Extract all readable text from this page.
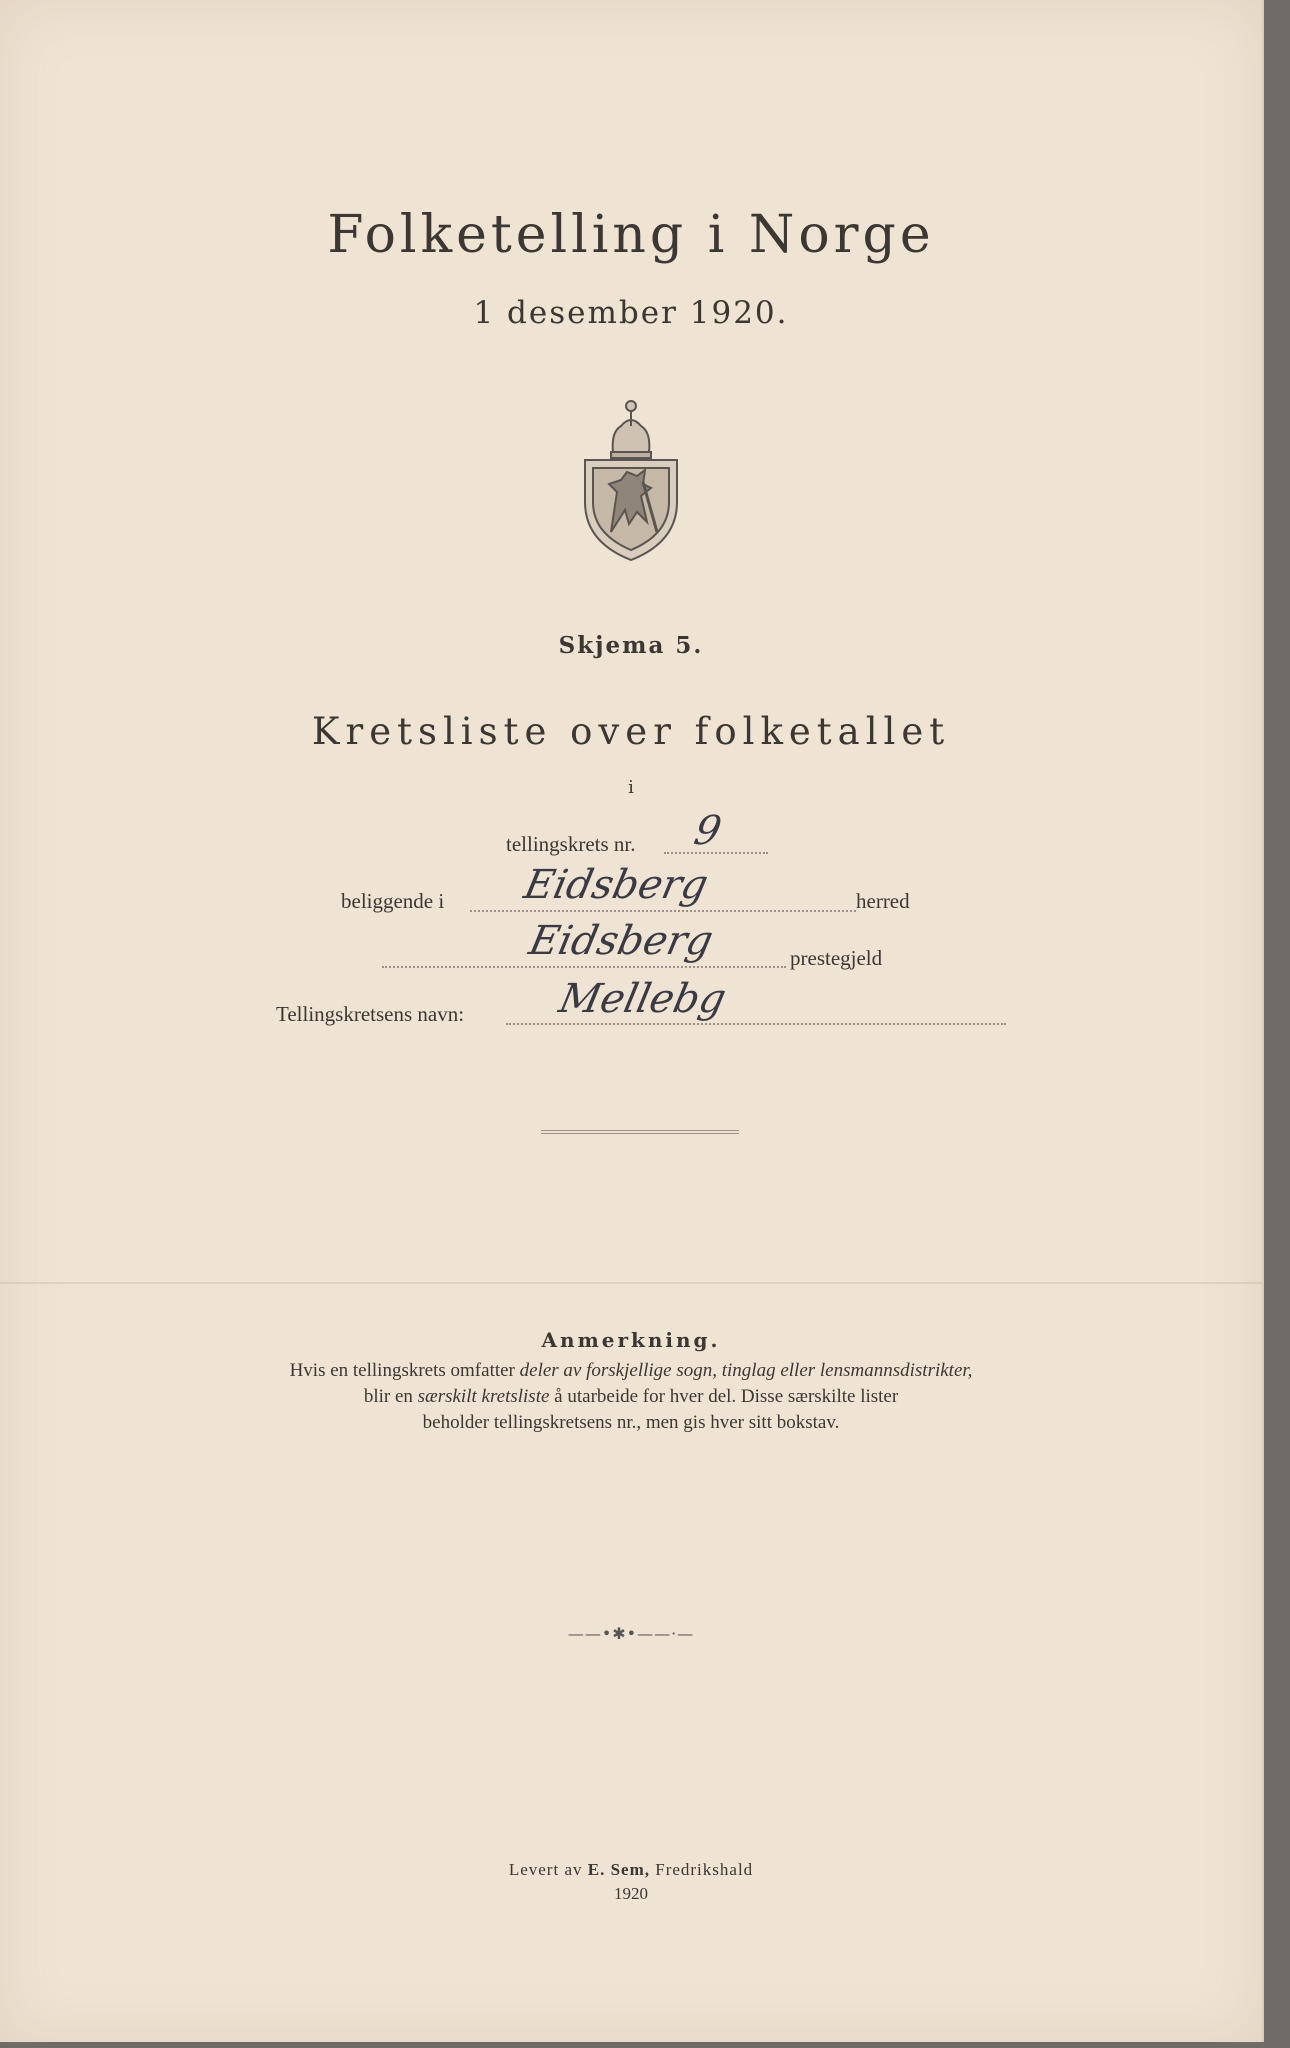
Folketelling i Norge
1 desember 1920.
Skjema 5.
Kretsliste over folketallet
i
tellingskrets nr. 9
beliggende i Eidsberg	herred
Eidsberg	prestegjeld
Tellingskretsens navn: Mellebg
Anmerkning.
Hvis en tellingskrets omfatter deler av forskjellige sogn, tinglag eller lensmannsdistrikter,
blir en særskilt kretsliste å utarbeide for hver del. Disse særskilte lister
beholder tellingskretsens nr., men gis hver sitt bokstav.
——•✱•——·—
Levert av E. Sem, Fredrikshald
1920
